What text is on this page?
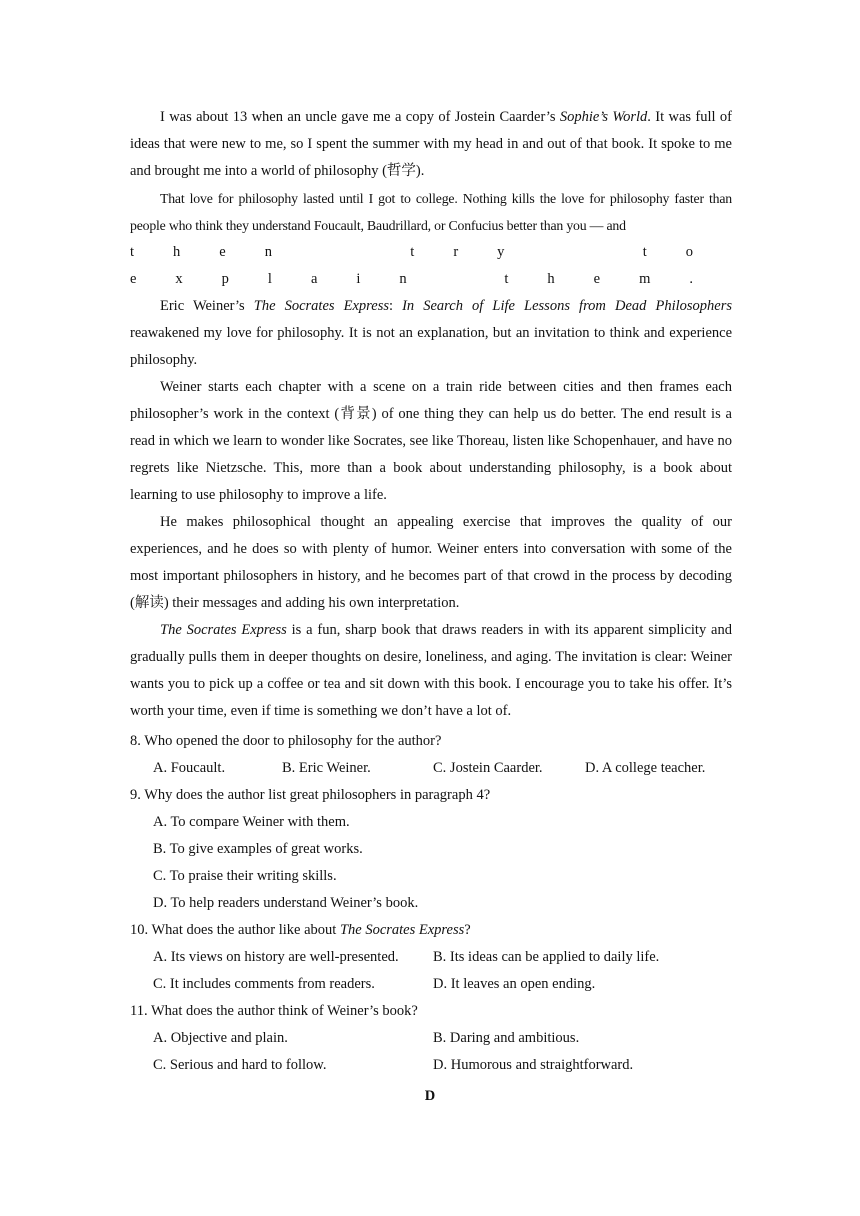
I was about 13 when an uncle gave me a copy of Jostein Caarder’s Sophie’s World. It was full of ideas that were new to me, so I spent the summer with my head in and out of that book. It spoke to me and brought me into a world of philosophy (哲学).

That love for philosophy lasted until I got to college. Nothing kills the love for philosophy faster than people who think they understand Foucault, Baudrillard, or Confucius better than you — and

then try to explain them.

Eric Weiner’s The Socrates Express: In Search of Life Lessons from Dead Philosophers reawakened my love for philosophy. It is not an explanation, but an invitation to think and experience philosophy.

Weiner starts each chapter with a scene on a train ride between cities and then frames each philosopher’s work in the context (背景) of one thing they can help us do better. The end result is a read in which we learn to wonder like Socrates, see like Thoreau, listen like Schopenhauer, and have no regrets like Nietzsche. This, more than a book about understanding philosophy, is a book about learning to use philosophy to improve a life.

He makes philosophical thought an appealing exercise that improves the quality of our experiences, and he does so with plenty of humor. Weiner enters into conversation with some of the most important philosophers in history, and he becomes part of that crowd in the process by decoding (解读) their messages and adding his own interpretation.

The Socrates Express is a fun, sharp book that draws readers in with its apparent simplicity and gradually pulls them in deeper thoughts on desire, loneliness, and aging. The invitation is clear: Weiner wants you to pick up a coffee or tea and sit down with this book. I encourage you to take his offer. It’s worth your time, even if time is something we don’t have a lot of.

8. Who opened the door to philosophy for the author?
A. Foucault.	B. Eric Weiner.	C. Jostein Caarder.	D. A college teacher.
9. Why does the author list great philosophers in paragraph 4?
A. To compare Weiner with them.
B. To give examples of great works.
C. To praise their writing skills.
D. To help readers understand Weiner’s book.
10. What does the author like about The Socrates Express?
A. Its views on history are well-presented. B. Its ideas can be applied to daily life.
C. It includes comments from readers.	D. It leaves an open ending.
11. What does the author think of Weiner’s book?
A. Objective and plain.	B. Daring and ambitious.
C. Serious and hard to follow.	D. Humorous and straightforward.
D
